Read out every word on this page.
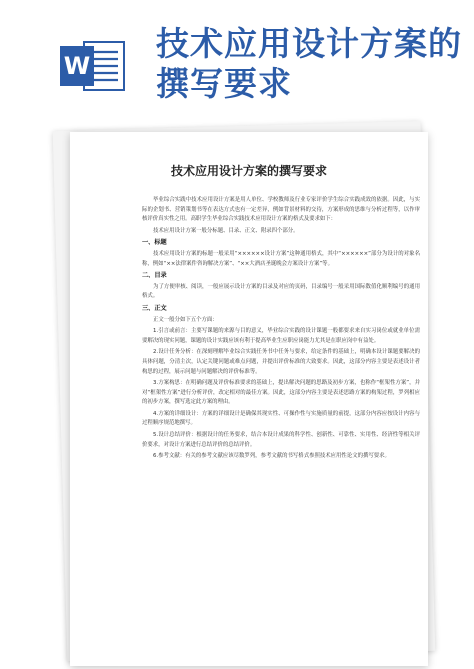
W
技术应用设计方案的撰写要求
技术应用设计方案的撰写要求

毕业综合实践中技术应用设计方案是用人单位、学校教师及行业专家评价学生综合实践成效的依据。因此，与实际的企划书、营销策划书等在表达方式也有一定差异，例如背景材料的交待，方案形成的思维与分析过程等，以作审核评价真实性之用。高职学生毕业综合实践技术应用设计方案的格式及要求如下：

技术应用设计方案一般分标题、目录、正文、附录四个部分。

一、标题

技术应用设计方案的标题一般采用“××××××设计方案”这种通用格式，其中“××××××”部分为设计的对象名称，例如“××法律案件咨询解决方案”、“××大酒店圣诞晚会方案设计方案”等。

二、目录

为了方便审核、阅读，一般应展示设计方案的目录及对应的页码，目录编号一般采用国际数值化顺利编号的通用格式。

三、正文

正文一般分如下五个方面：

1.引言或前言：主要写课题的来源与目的意义，毕业综合实践的设计课题一般都要求来自实习岗位或就业单位需要解决的现实问题，课题的设计实践应该有利于提高毕业生应职应岗能力尤其是在职应岗中有益处。

2.设计任务分析：在深刻理解毕业综合实践任务书中任务与要求，给定条件的基础上，明确本设计课题要解决的具体问题，分清主次，认定关键问题或难点问题，并提出评价标准的大致要求。因此，这部分内容主要是表述设计者构思的过程，展示问题与问题解决的评价标准等。

3.方案构思：在明确问题及评价标准要求的基础上，提出解决问题的思路及初步方案，也称作“框架性方案”，并对“框架性方案”进行分析评价，改定相对的最佳方案。因此，这部分内容主要是表述思路方案的构架过程，罗列相应的初步方案，撰写选定此方案的理由。

4.方案的详细设计：方案的详细设计是确保其现实性、可操作性与实施质量的前提，这部分内容应按设计内容与过程顺序规范地撰写。

5.设计总结评价：根据设计的任务要求，结合本设计成果的科学性、创新性、可靠性、实用性、经济性等相关评价要求，对设计方案进行总结评价的总结评价。

6.参考文献：有关的参考文献应该尽数罗列，参考文献的书写格式参照技术应用性论文的撰写要求。
